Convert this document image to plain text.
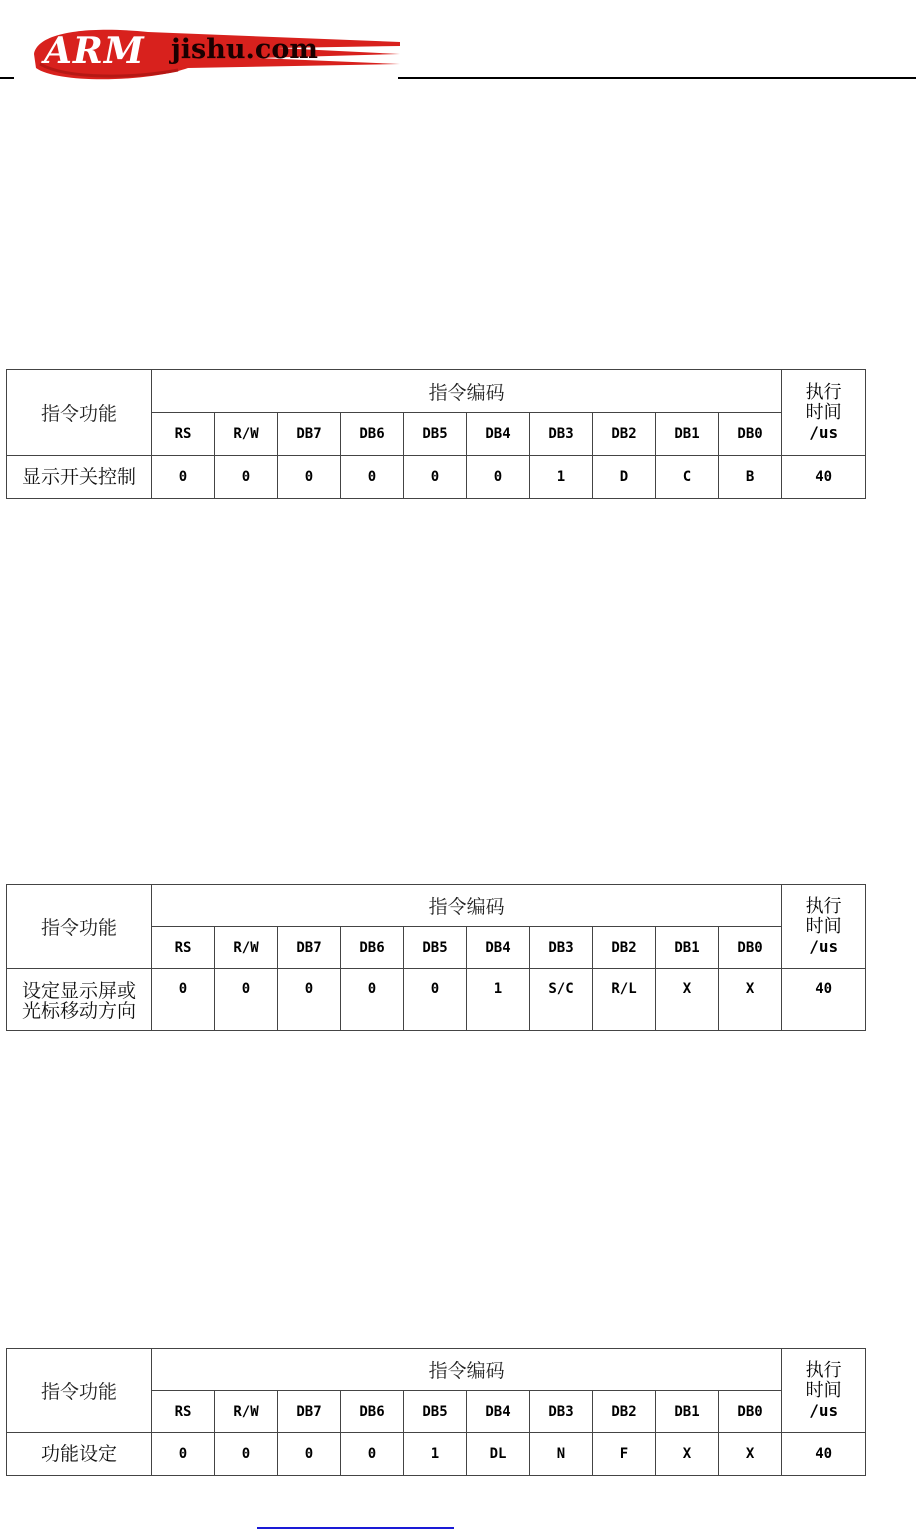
ARM jishu.com
指令功能	指令编码										执行
时间
/us

	RS	R/W	DB7	DB6	DB5	DB4	DB3	DB2	DB1	DB0	
显示开关控制	0	0	0	0	0	0	1	D	C	B	40
指令功能	指令编码										执行
时间
/us

	RS	R/W	DB7	DB6	DB5	DB4	DB3	DB2	DB1	DB0	

设定显示屏或
光标移动方向	0	0	0	0	0	1	S/C	R/L	X	X	40
指令功能	指令编码										执行
时间
/us

	RS	R/W	DB7	DB6	DB5	DB4	DB3	DB2	DB1	DB0	
功能设定	0	0	0	0	1	DL	N	F	X	X	40
